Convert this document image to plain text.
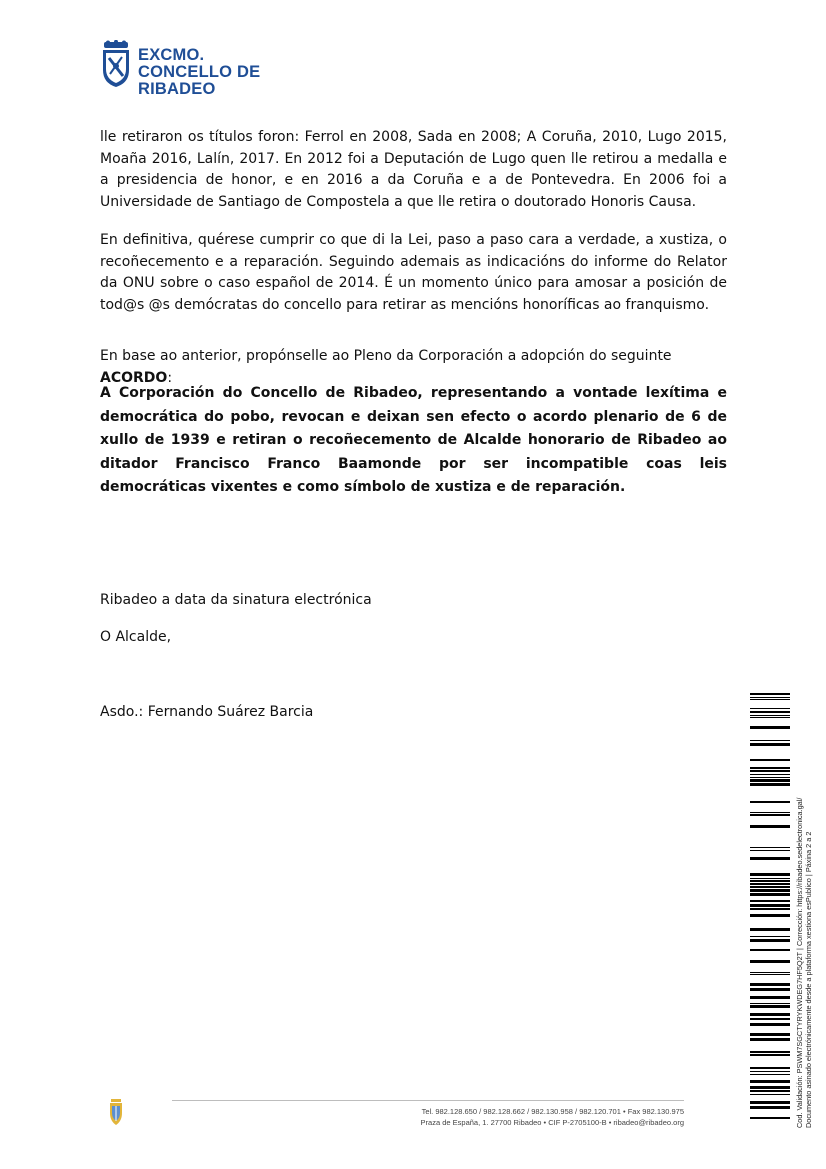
EXCMO.
CONCELLO DE RIBADEO
lle retiraron os títulos foron: Ferrol en 2008, Sada en 2008; A Coruña, 2010, Lugo 2015, Moaña 2016, Lalín, 2017. En 2012 foi a Deputación de Lugo quen lle retirou a medalla e a presidencia de honor, e en 2016 a da Coruña e a de Pontevedra. En 2006 foi a Universidade de Santiago de Compostela a que lle retira o doutorado Honoris Causa.
En definitiva, quérese cumprir co que di la Lei, paso a paso cara a verdade, a xustiza, o recoñecemento e a reparación. Seguindo ademais as indicacións do informe do Relator da ONU sobre o caso español de 2014. É un momento único para amosar a posición de tod@s @s demócratas do concello para retirar as mencións honoríficas ao franquismo.
En base ao anterior, propónselle ao Pleno da Corporación a adopción do seguinte ACORDO:
A Corporación do Concello de Ribadeo, representando a vontade lexítima e democrática do pobo, revocan e deixan sen efecto o acordo plenario de 6 de xullo de 1939 e retiran o recoñecemento de Alcalde honorario de Ribadeo ao ditador Francisco Franco Baamonde por ser incompatible coas leis democráticas vixentes e como símbolo de xustiza e de reparación.
Ribadeo a data da sinatura electrónica
O Alcalde,
Asdo.: Fernando Suárez Barcia
Cod. Validación: PSWM7SGCTYRYKWDEG7HF5Q2T | Corrección: https://ribadeo.sedelectronica.gal/ Documento asinado electrónicamente desde a plataforma xestiona esPublico | Páxina 2 a 2
Tel. 982.128.650 / 982.128.662 / 982.130.958 / 982.120.701 • Fax 982.130.975
Praza de España, 1. 27700 Ribadeo • CIF P-2705100-B • ribadeo@ribadeo.org
